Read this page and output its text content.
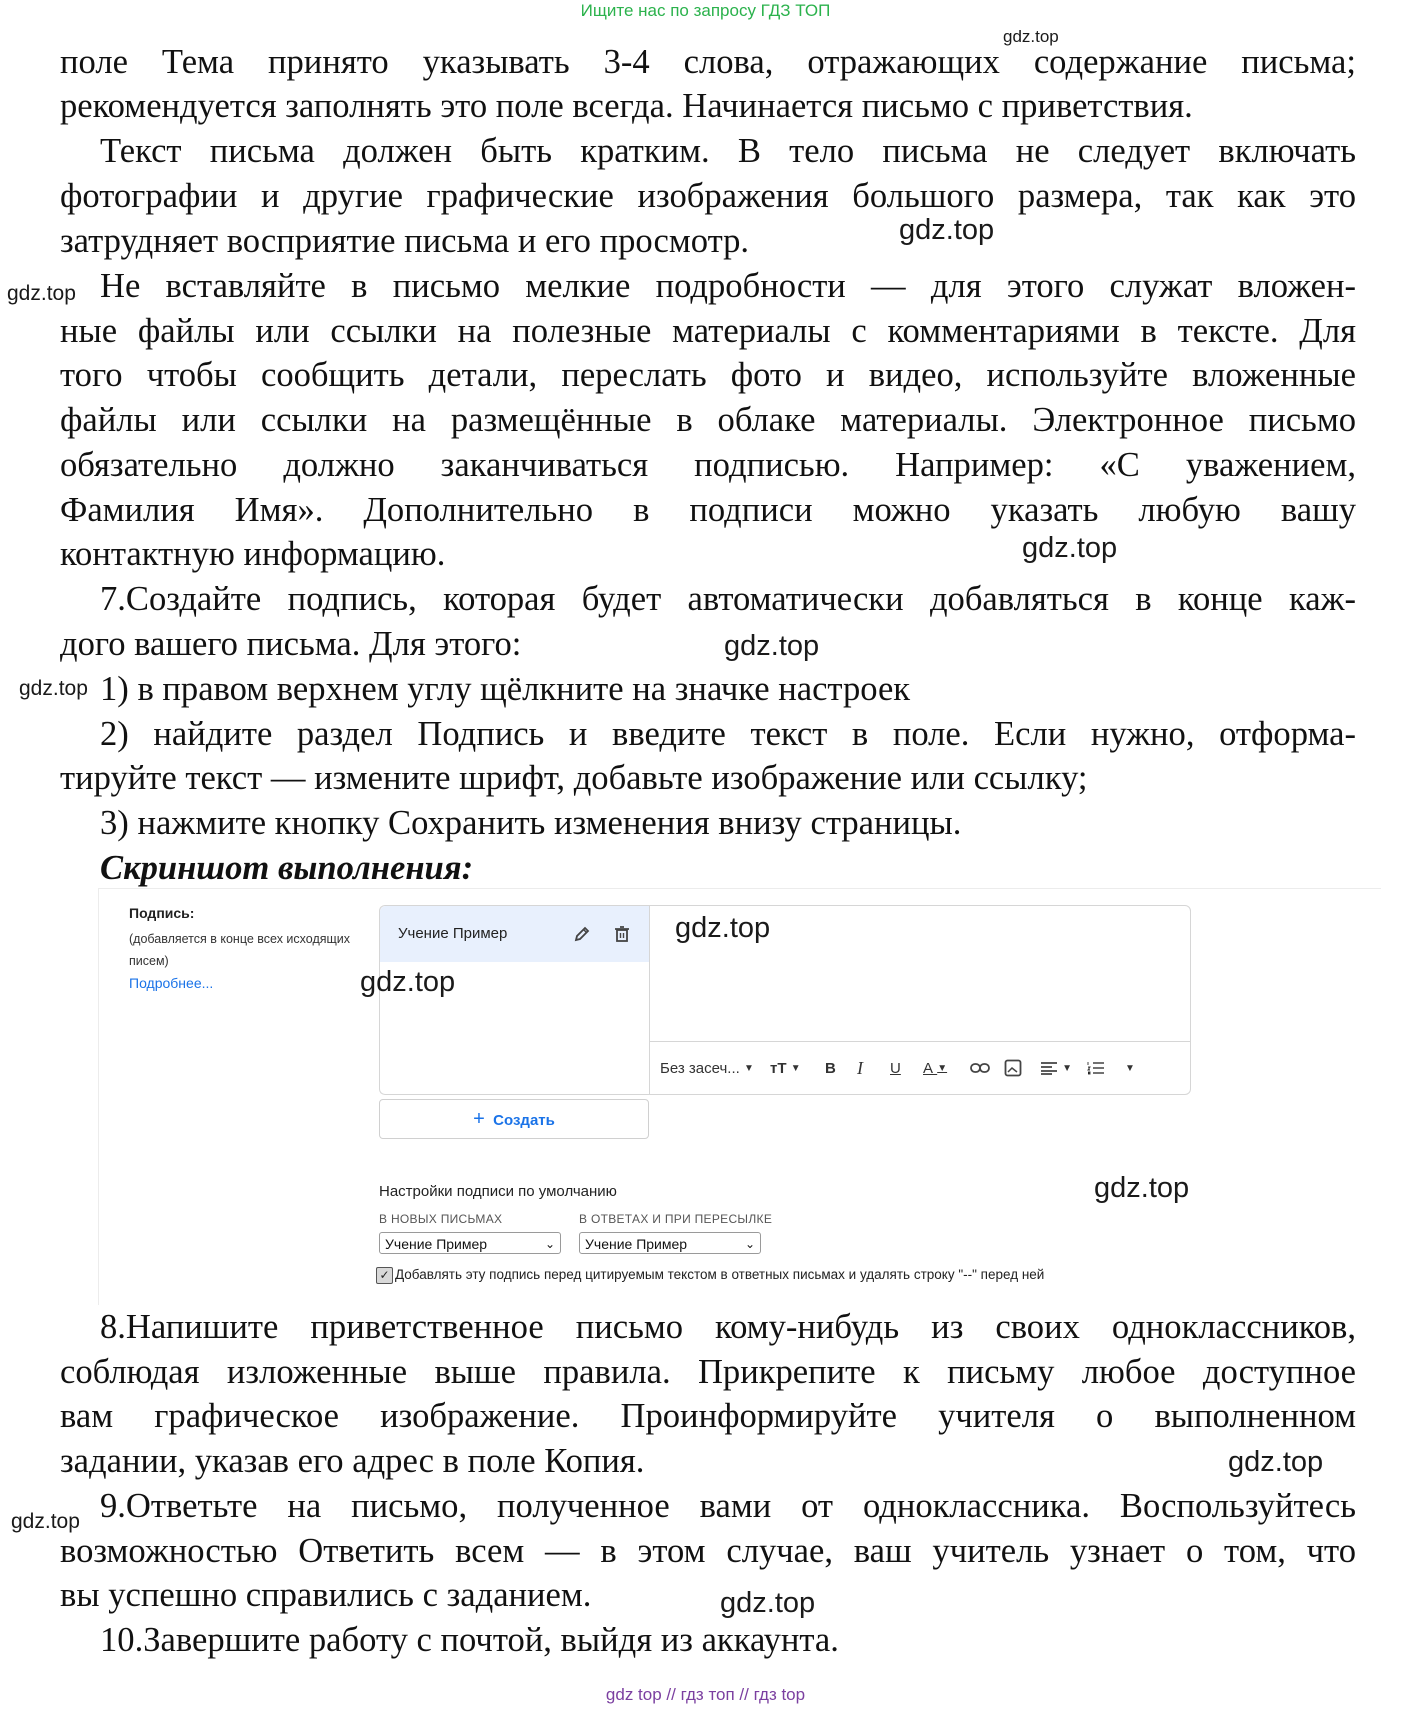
Ищите нас по запросу ГДЗ ТОП
поле Тема принято указывать 3-4 слова, отражающих содержание письма;
рекомендуется заполнять это поле всегда. Начинается письмо с приветствия.
Текст письма должен быть кратким. В тело письма не следует включать
фотографии и другие графические изображения большого размера, так как это
затрудняет восприятие письма и его просмотр.
Не вставляйте в письмо мелкие подробности — для этого служат вложен-
ные файлы или ссылки на полезные материалы с комментариями в тексте. Для
того чтобы сообщить детали, переслать фото и видео, используйте вложенные
файлы или ссылки на размещённые в облаке материалы. Электронное письмо
обязательно должно заканчиваться подписью. Например: «С уважением,
Фамилия Имя». Дополнительно в подписи можно указать любую вашу
контактную информацию.
7.Создайте подпись, которая будет автоматически добавляться в конце каж-
дого вашего письма. Для этого:
1) в правом верхнем углу щёлкните на значке настроек
2) найдите раздел Подпись и введите текст в поле. Если нужно, отформа-
тируйте текст — измените шрифт, добавьте изображение или ссылку;
3) нажмите кнопку Сохранить изменения внизу страницы.
Скриншот выполнения:
Подпись:
(добавляется в конце всех исходящих писем)
Подробнее...
Учение Пример
Без засеч...
▼ тT ▼ B I U A ▼
	▼	▼
+ Создать
Настройки подписи по умолчанию
В НОВЫХ ПИСЬМАХ	В ОТВЕТАХ И ПРИ ПЕРЕСЫЛКЕ
Учение Пример	⌄	Учение Пример	⌄
✓ Добавлять эту подпись перед цитируемым текстом в ответных письмах и удалять строку "--" перед ней
8.Напишите приветственное письмо кому-нибудь из своих одноклассников,
соблюдая изложенные выше правила. Прикрепите к письму любое доступное
вам графическое изображение. Проинформируйте учителя о выполненном
задании, указав его адрес в поле Копия.
9.Ответьте на письмо, полученное вами от одноклассника. Воспользуйтесь
возможностью Ответить всем — в этом случае, ваш учитель узнает о том, что
вы успешно справились с заданием.
10.Завершите работу с почтой, выйдя из аккаунта.
gdz.top
gdz.top
gdz.top
gdz.top
gdz.top
gdz.top
gdz.top
gdz.top
gdz.top
gdz.top
gdz.top
gdz.top
gdz top // гдз топ // гдз top
